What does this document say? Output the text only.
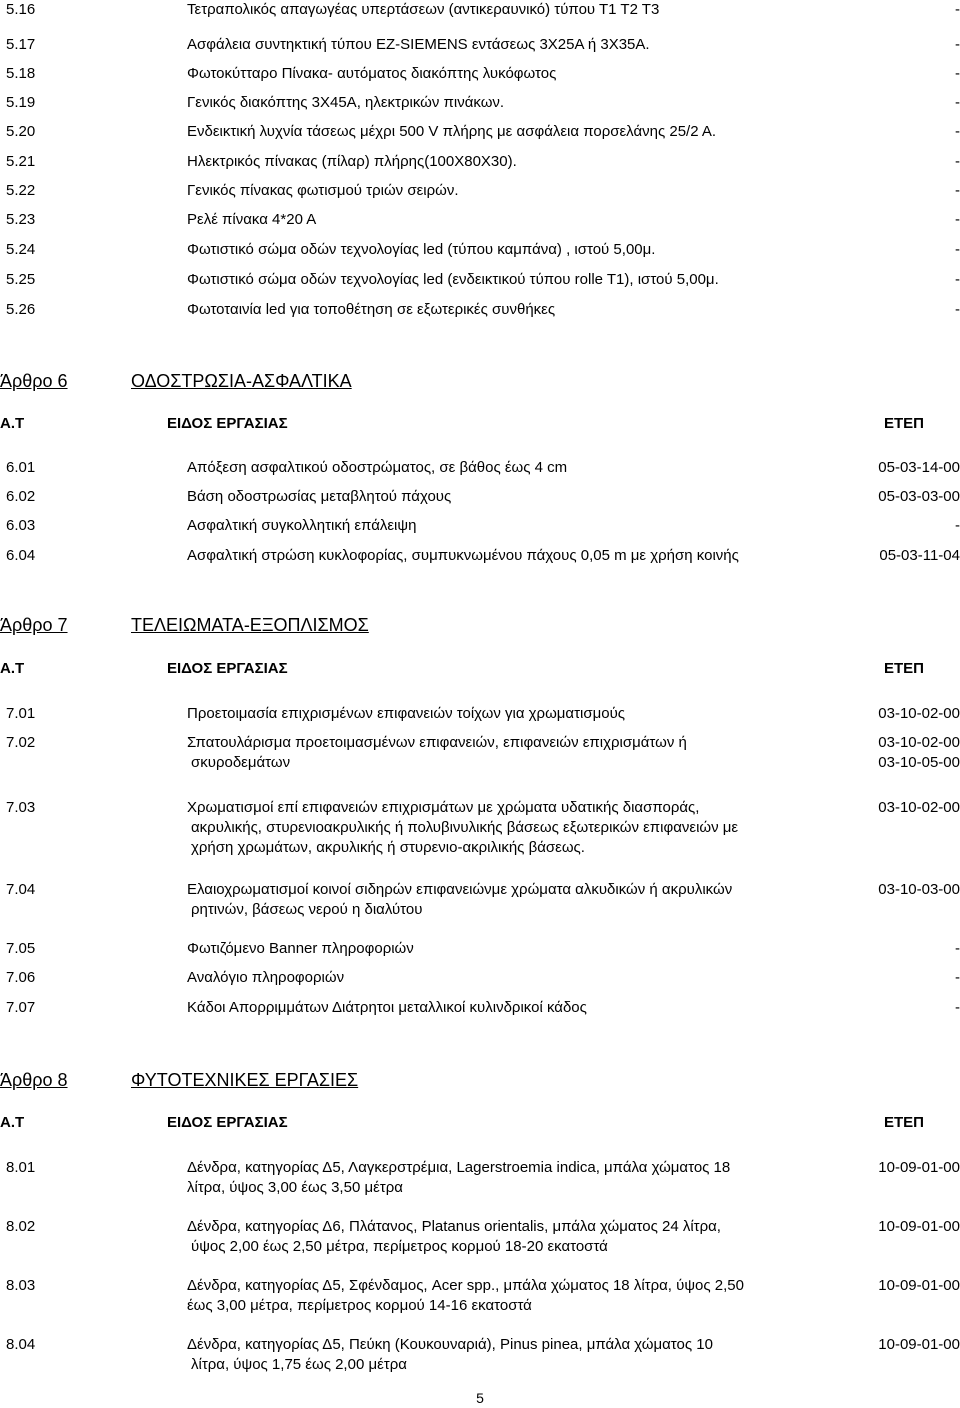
5.16	Τετραπολικός απαγωγέας υπερτάσεων (αντικεραυνικό) τύπου Τ1 Τ2 Τ3	-
5.17	Ασφάλεια συντηκτική τύπου EZ-SIEMENS εντάσεως 3Χ25Α ή 3Χ35Α.	-
5.18	Φωτοκύτταρο Πίνακα- αυτόματος διακόπτης λυκόφωτος	-
5.19	Γενικός διακόπτης 3Χ45Α, ηλεκτρικών πινάκων.	-
5.20	Ενδεικτική λυχνία τάσεως μέχρι 500 V πλήρης με ασφάλεια πορσελάνης 25/2 Α.	-
5.21	Ηλεκτρικός πίνακας (πίλαρ) πλήρης(100Χ80Χ30).	-
5.22	Γενικός πίνακας φωτισμού τριών σειρών.	-
5.23	Ρελέ πίνακα 4*20 Α	-
5.24	Φωτιστικό σώμα οδών τεχνολογίας led (τύπου καμπάνα) , ιστού 5,00μ.	-
5.25	Φωτιστικό σώμα οδών τεχνολογίας led (ενδεικτικού τύπου rolle T1), ιστού 5,00μ.	-
5.26	Φωτοταινία led για τοποθέτηση σε εξωτερικές συνθήκες	-
Άρθρο 6	ΟΔΟΣΤΡΩΣΙΑ-ΑΣΦΑΛΤΙΚΑ
Α.Τ	ΕΙΔΟΣ ΕΡΓΑΣΙΑΣ	ΕΤΕΠ
6.01	Απόξεση ασφαλτικού οδοστρώματος, σε βάθος έως 4 cm	05-03-14-00
6.02	Βάση οδοστρωσίας μεταβλητού πάχους	05-03-03-00
6.03	Ασφαλτική συγκολλητική επάλειψη	-
6.04	Ασφαλτική στρώση κυκλοφορίας, συμπυκνωμένου πάχους 0,05 m με χρήση κοινής	05-03-11-04
Άρθρο 7	ΤΕΛΕΙΩΜΑΤΑ-ΕΞΟΠΛΙΣΜΟΣ
Α.Τ	ΕΙΔΟΣ ΕΡΓΑΣΙΑΣ	ΕΤΕΠ
7.01	Προετοιμασία επιχρισμένων επιφανειών τοίχων για χρωματισμούς	03-10-02-00
7.02	Σπατουλάρισμα προετοιμασμένων επιφανειών, επιφανειών επιχρισμάτων ή	03-10-02-00
σκυροδεμάτων	03-10-05-00
7.03	Χρωματισμοί επί επιφανειών επιχρισμάτων με χρώματα υδατικής διασποράς,	03-10-02-00
ακρυλικής, στυρενιοακρυλικής ή πολυβινυλικής βάσεως εξωτερικών επιφανειών με
χρήση χρωμάτων, ακρυλικής ή στυρενιο-ακριλικής βάσεως.
7.04	Ελαιοχρωματισμοί κοινοί σιδηρών επιφανειώνμε χρώματα αλκυδικών ή ακρυλικών	03-10-03-00
ρητινών, βάσεως νερού η διαλύτου
7.05	Φωτιζόμενο Banner πληροφοριών	-
7.06	Αναλόγιο πληροφοριών	-
7.07	Κάδοι Απορριμμάτων Διάτρητοι μεταλλικοί κυλινδρικοί κάδος	-
Άρθρο 8	ΦΥΤΟΤΕΧΝΙΚΕΣ ΕΡΓΑΣΙΕΣ
Α.Τ	ΕΙΔΟΣ ΕΡΓΑΣΙΑΣ	ΕΤΕΠ
8.01	Δένδρα, κατηγορίας Δ5, Λαγκερστρέμια, Lagerstroemia indica, μπάλα χώματος 18	10-09-01-00
λίτρα, ύψος 3,00 έως 3,50 μέτρα
8.02	Δένδρα, κατηγορίας Δ6, Πλάτανος, Platanus orientalis, μπάλα χώματος 24 λίτρα,	10-09-01-00
ύψος 2,00 έως 2,50 μέτρα, περίμετρος κορμού 18-20 εκατοστά
8.03	Δένδρα, κατηγορίας Δ5, Σφένδαμος, Acer spp., μπάλα χώματος 18 λίτρα, ύψος 2,50	10-09-01-00
έως 3,00 μέτρα, περίμετρος κορμού 14-16 εκατοστά
8.04	Δένδρα, κατηγορίας Δ5, Πεύκη (Κουκουναριά), Pinus pinea, μπάλα χώματος 10	10-09-01-00
λίτρα, ύψος 1,75 έως 2,00 μέτρα
5
